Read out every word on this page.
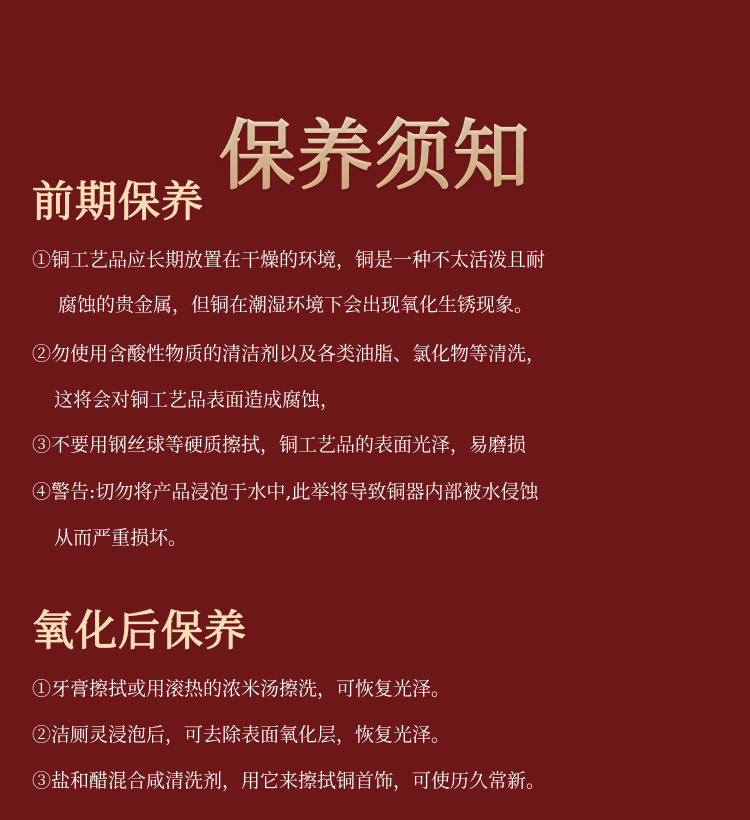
保养须知
前期保养
①铜工艺品应长期放置在干燥的环境，铜是一种不太活泼且耐
腐蚀的贵金属，但铜在潮湿环境下会出现氧化生锈现象。
②勿使用含酸性物质的清洁剂以及各类油脂、氯化物等清洗，
这将会对铜工艺品表面造成腐蚀，
③不要用钢丝球等硬质擦拭，铜工艺品的表面光泽，易磨损
④警告:切勿将产品浸泡于水中,此举将导致铜器内部被水侵蚀
从而严重损坏。
氧化后保养
①牙膏擦拭或用滚热的浓米汤擦洗，可恢复光泽。
②洁厕灵浸泡后，可去除表面氧化层，恢复光泽。
③盐和醋混合咸清洗剂，用它来擦拭铜首饰，可使历久常新。
